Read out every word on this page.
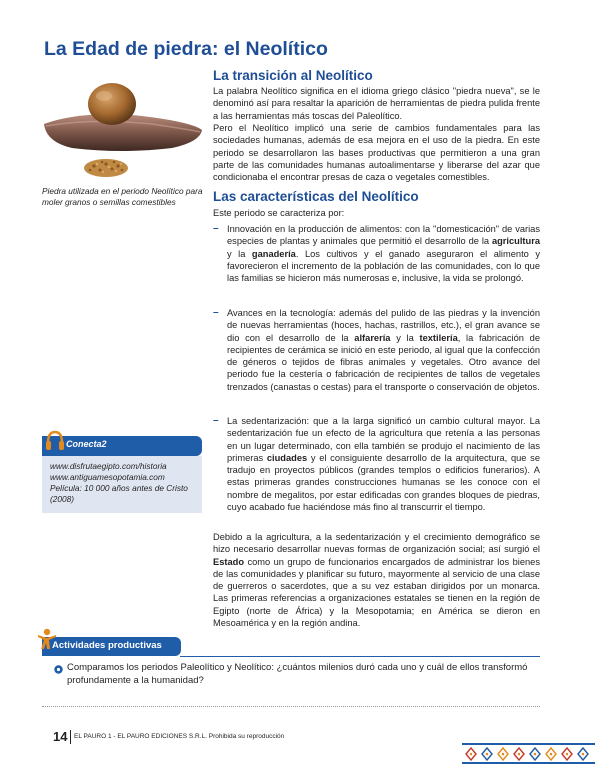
La Edad de piedra: el Neolítico

Piedra utilizada en el periodo Neolítico para moler granos o semillas comestibles

La transición al Neolítico

La palabra Neolítico significa en el idioma griego clásico "piedra nueva", se le denominó así para resaltar la aparición de herramientas de piedra pulida frente a las herramientas más toscas del Paleolítico.

Pero el Neolítico implicó una serie de cambios fundamentales para las sociedades humanas, además de esa mejora en el uso de la piedra. En este periodo se desarrollaron las bases productivas que permitieron a una gran parte de las comunidades humanas autoalimentarse y liberarse del azar que condicionaba el encontrar presas de caza o vegetales comestibles.

Las características del Neolítico

Este periodo se caracteriza por:

– Innovación en la producción de alimentos: con la "domesticación" de varias especies de plantas y animales que permitió el desarrollo de la agricultura y la ganadería. Los cultivos y el ganado aseguraron el alimento y favorecieron el incremento de la población de las comunidades, con lo que las familias se hicieron más numerosas e, inclusive, la vida se prolongó.
– Avances en la tecnología: además del pulido de las piedras y la invención de nuevas herramientas (hoces, hachas, rastrillos, etc.), el gran avance se dio con el desarrollo de la alfarería y la textilería, la fabricación de recipientes de cerámica se inició en este periodo, al igual que la confección de géneros o tejidos de fibras animales y vegetales. Otro avance del periodo fue la cestería o fabricación de recipientes de tallos de vegetales trenzados (canastas o cestas) para el transporte o conservación de objetos.
– La sedentarización: que a la larga significó un cambio cultural mayor. La sedentarización fue un efecto de la agricultura que retenía a las personas en un lugar determinado, con ella también se produjo el nacimiento de las primeras ciudades y el consiguiente desarrollo de la arquitectura, que se tradujo en proyectos públicos (grandes templos o edificios funerarios). A estas primeras grandes construcciones humanas se les conoce con el nombre de megalitos, por estar edificadas con grandes bloques de piedras, cuyo acabado fue haciéndose más fino al transcurrir el tiempo.

Debido a la agricultura, a la sedentarización y el crecimiento demográfico se hizo necesario desarrollar nuevas formas de organización social; así surgió el Estado como un grupo de funcionarios encargados de administrar los bienes de las comunidades y planificar su futuro, mayormente al servicio de una clase de guerreros o sacerdotes, que a su vez estaban dirigidos por un monarca. Las primeras referencias a organizaciones estatales se tienen en la región de Egipto (norte de África) y la Mesopotamia; en América se dieron en Mesoamérica y en la región andina.

Conecta2
www.disfrutaegipto.com/historia
www.antiguamesopotamia.com
Película: 10 000 años antes de Cristo (2008)
Actividades productivas

Comparamos los periodos Paleolítico y Neolítico: ¿cuántos milenios duró cada uno y cuál de ellos transformó profundamente a la humanidad?

14 EL PAURO 1 - EL PAURO EDICIONES S.R.L. Prohibida su reproducción
